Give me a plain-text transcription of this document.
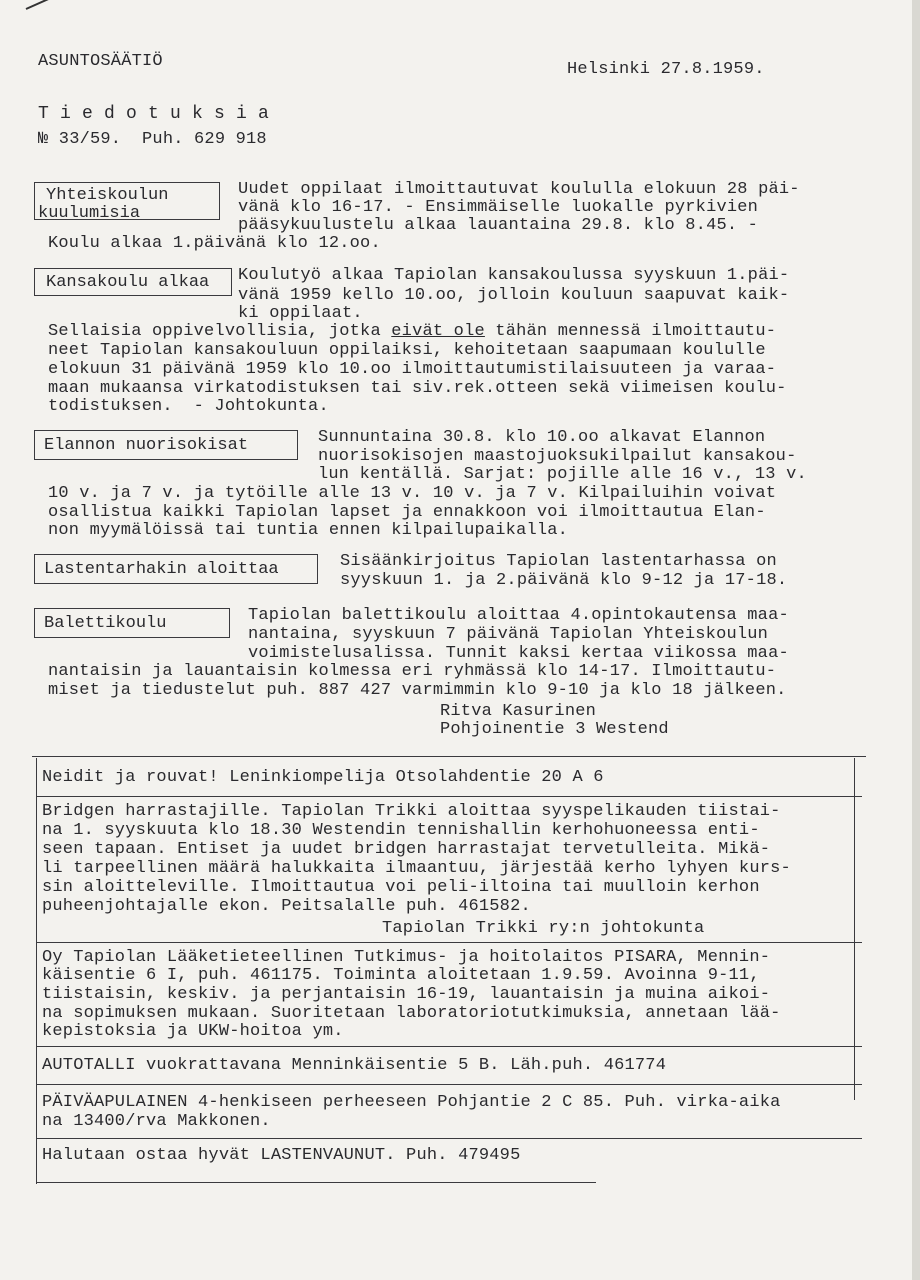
ASUNTOSÄÄTIÖ	Helsinki 27.8.1959.
T i e d o t u k s i a
№ 33/59.  Puh. 629 918
Yhteiskoulun
kuulumisia
Uudet oppilaat ilmoittautuvat koululla elokuun 28 päi-
vänä klo 16-17. - Ensimmäiselle luokalle pyrkivien
pääsykuulustelu alkaa lauantaina 29.8. klo 8.45. -
Koulu alkaa 1.päivänä klo 12.oo.
Kansakoulu alkaa Koulutyö alkaa Tapiolan kansakoulussa syyskuun 1.päi-
vänä 1959 kello 10.oo, jolloin kouluun saapuvat kaik-
ki oppilaat.
Sellaisia oppivelvollisia, jotka eivät ole tähän mennessä ilmoittautu-
neet Tapiolan kansakouluun oppilaiksi, kehoitetaan saapumaan koululle
elokuun 31 päivänä 1959 klo 10.oo ilmoittautumistilaisuuteen ja varaa-
maan mukaansa virkatodistuksen tai siv.rek.otteen sekä viimeisen koulu-
todistuksen.  - Johtokunta.
Elannon nuorisokisat	Sunnuntaina 30.8. klo 10.oo alkavat Elannon
nuorisokisojen maastojuoksukilpailut kansakou-
lun kentällä. Sarjat: pojille alle 16 v., 13 v.
10 v. ja 7 v. ja tytöille alle 13 v. 10 v. ja 7 v. Kilpailuihin voivat
osallistua kaikki Tapiolan lapset ja ennakkoon voi ilmoittautua Elan-
non myymälöissä tai tuntia ennen kilpailupaikalla.
Lastentarhakin aloittaa	Sisäänkirjoitus Tapiolan lastentarhassa on
syyskuun 1. ja 2.päivänä klo 9-12 ja 17-18.
Balettikoulu	Tapiolan balettikoulu aloittaa 4.opintokautensa maa-
nantaina, syyskuun 7 päivänä Tapiolan Yhteiskoulun
voimistelusalissa. Tunnit kaksi kertaa viikossa maa-
nantaisin ja lauantaisin kolmessa eri ryhmässä klo 14-17. Ilmoittautu-
miset ja tiedustelut puh. 887 427 varmimmin klo 9-10 ja klo 18 jälkeen.
Ritva Kasurinen
Pohjoinentie 3 Westend
Neidit ja rouvat! Leninkiompelija Otsolahdentie 20 A 6
Bridgen harrastajille. Tapiolan Trikki aloittaa syyspelikauden tiistai-
na 1. syyskuuta klo 18.30 Westendin tennishallin kerhohuoneessa enti-
seen tapaan. Entiset ja uudet bridgen harrastajat tervetulleita. Mikä-
li tarpeellinen määrä halukkaita ilmaantuu, järjestää kerho lyhyen kurs-
sin aloitteleville. Ilmoittautua voi peli-iltoina tai muulloin kerhon
puheenjohtajalle ekon. Peitsalalle puh. 461582.
Tapiolan Trikki ry:n johtokunta
Oy Tapiolan Lääketieteellinen Tutkimus- ja hoitolaitos PISARA, Mennin-
käisentie 6 I, puh. 461175. Toiminta aloitetaan 1.9.59. Avoinna 9-11,
tiistaisin, keskiv. ja perjantaisin 16-19, lauantaisin ja muina aikoi-
na sopimuksen mukaan. Suoritetaan laboratoriotutkimuksia, annetaan lää-
kepistoksia ja UKW-hoitoa ym.
AUTOTALLI vuokrattavana Menninkäisentie 5 B. Läh.puh. 461774
PÄIVÄAPULAINEN 4-henkiseen perheeseen Pohjantie 2 C 85. Puh. virka-aika
na 13400/rva Makkonen.
Halutaan ostaa hyvät LASTENVAUNUT. Puh. 479495
